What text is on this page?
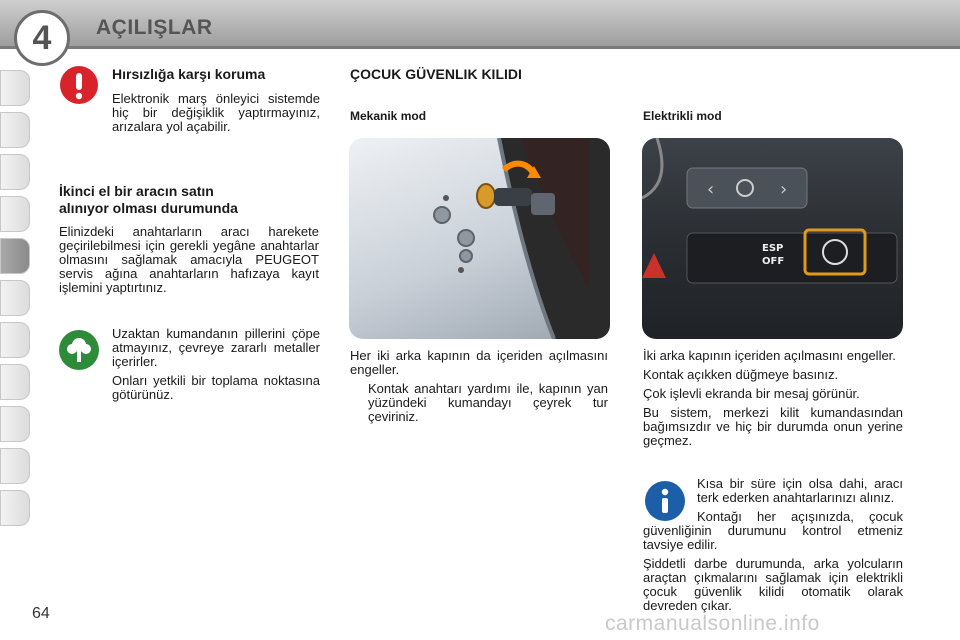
4	AÇILIŞLAR
Hırsızlığa karşı koruma
Elektronik marş önleyici sistemde hiç bir değişiklik yaptırmayınız, arızalara yol açabilir.
İkinci el bir aracın satın
alınıyor olması durumunda
Elinizdeki anahtarların aracı harekete geçirilebilmesi için gerekli yegâne anahtarlar olmasını sağlamak amacıyla PEUGEOT servis ağına anahtarların hafızaya kayıt işlemini yaptırtınız.

Uzaktan kumandanın pillerini çöpe atmayınız, çevreye zararlı metaller içerirler.

Onları yetkili bir toplama noktasına götürünüz.

ÇOCUK GÜVENLIK KILIDI
Mekanik mod

Her iki arka kapının da içeriden açılmasını engeller.

Kontak anahtarı yardımı ile, kapının yan yüzündeki kumandayı çeyrek tur çeviriniz.
Elektrikli mod
‹	›
ESP
OFF

İki arka kapının içeriden açılmasını engeller.

Kontak açıkken düğmeye basınız.

Çok işlevli ekranda bir mesaj görünür.

Bu sistem, merkezi kilit kumandasından bağımsızdır ve hiç bir durumda onun yerine geçmez.

Kısa bir süre için olsa dahi, aracı terk ederken anahtarlarınızı alınız.

Kontağı her açışınızda, çocuk güvenliğinin durumunu kontrol etmeniz tavsiye edilir.

Şiddetli darbe durumunda, arka yolcuların araçtan çıkmalarını sağlamak için elektrikli çocuk güvenlik kilidi otomatik olarak devreden çıkar.

64	carmanualsonline.info
